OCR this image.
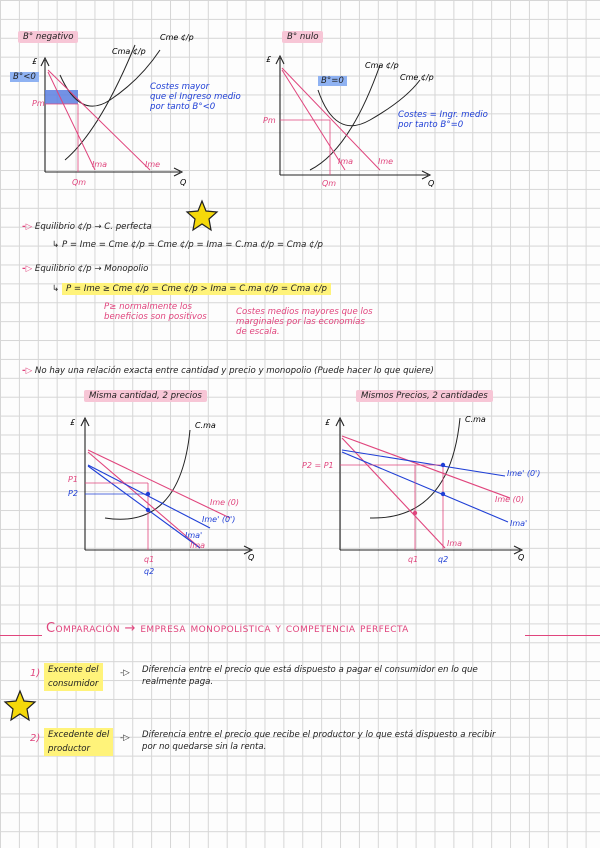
B° negativo
£
Q
Cma ¢/p
Cme ¢/p
Pm
Qm
Ima	Ime
B°<0
Costes mayor
que el Ingreso medio
por tanto B°<0
B° nulo
£
Q
Cma ¢/p
Cme ¢/p
Pm
Qm
Ima	Ime
B°=0
Costes = Ingr. medio
por tanto B°=0
-▷ Equilibrio ¢/p → C. perfecta
↳ P = Ime = Cme ¢/p = Cme ¢/p = Ima = C.ma ¢/p = Cma ¢/p
-▷ Equilibrio ¢/p → Monopolio
↳ P = Ime ≥ Cme ¢/p = Cme ¢/p > Ima = C.ma ¢/p = Cma ¢/p
P≥ normalmente los
beneficios son positivos	Costes medios mayores que los
marginales por las economías
de escala.
-▷ No hay una relación exacta entre cantidad y precio y monopolio (Puede hacer lo que quiere)
Misma cantidad, 2 precios
£
Q
C.ma
P1
P2
Ime (0)
Ime' (0')
Ima'
Ima
q1
q2
Mismos Precios, 2 cantidades
£
Q
C.ma
P2 = P1
Ime' (0')
Ime (0)
Ima'
Ima
q1 q2
Comparación → empresa monopolística y competencia perfecta
1) Excente del
consumidor
-▷ Diferencia entre el precio que está dispuesto a pagar el consumidor en lo que
realmente paga.
2) Excedente del
productor
-▷ Diferencia entre el precio que recibe el productor y lo que está dispuesto a recibir
por no quedarse sin la renta.
